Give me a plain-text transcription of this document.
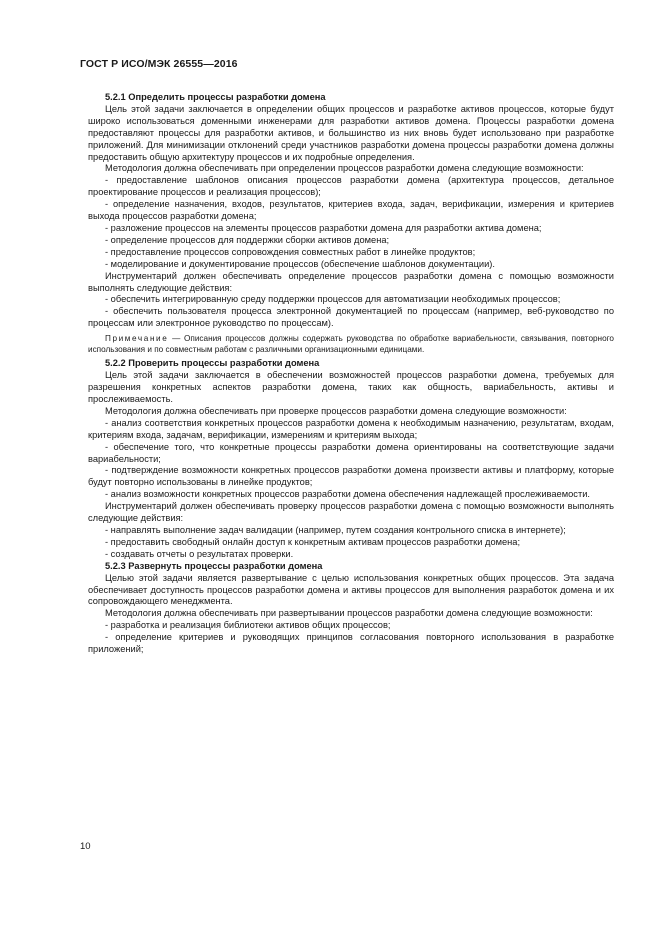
ГОСТ Р ИСО/МЭК 26555—2016

5.2.1 Определить процессы разработки домена

Цель этой задачи заключается в определении общих процессов и разработке активов процессов, которые будут широко использоваться доменными инженерами для разработки активов домена. Процессы разработки домена предоставляют процессы для разработки активов, и большинство из них вновь будет использовано при разработке приложений. Для минимизации отклонений среди участников разработки домена процессы разработки домена должны предоставить общую архитектуру процессов и их подробные определения.

Методология должна обеспечивать при определении процессов разработки домена следующие возможности:

- предоставление шаблонов описания процессов разработки домена (архитектура процессов, детальное проектирование процессов и реализация процессов);

- определение назначения, входов, результатов, критериев входа, задач, верификации, измерения и критериев выхода процессов разработки домена;

- разложение процессов на элементы процессов разработки домена для разработки актива домена;

- определение процессов для поддержки сборки активов домена;

- предоставление процессов сопровождения совместных работ в линейке продуктов;

- моделирование и документирование процессов (обеспечение шаблонов документации).

Инструментарий должен обеспечивать определение процессов разработки домена с помощью возможности выполнять следующие действия:

- обеспечить интегрированную среду поддержки процессов для автоматизации необходимых процессов;

- обеспечить пользователя процесса электронной документацией по процессам (например, веб-руководство по процессам или электронное руководство по процессам).

Примечание — Описания процессов должны содержать руководства по обработке вариабельности, связывания, повторного использования и по совместным работам с различными организационными единицами.

5.2.2 Проверить процессы разработки домена

Цель этой задачи заключается в обеспечении возможностей процессов разработки домена, требуемых для разрешения конкретных аспектов разработки домена, таких как общность, вариабельность, активы и прослеживаемость.

Методология должна обеспечивать при проверке процессов разработки домена следующие возможности:

- анализ соответствия конкретных процессов разработки домена к необходимым назначению, результатам, входам, критериям входа, задачам, верификации, измерениям и критериям выхода;

- обеспечение того, что конкретные процессы разработки домена ориентированы на соответствующие задачи вариабельности;

- подтверждение возможности конкретных процессов разработки домена произвести активы и платформу, которые будут повторно использованы в линейке продуктов;

- анализ возможности конкретных процессов разработки домена обеспечения надлежащей прослеживаемости.

Инструментарий должен обеспечивать проверку процессов разработки домена с помощью возможности выполнять следующие действия:

- направлять выполнение задач валидации (например, путем создания контрольного списка в интернете);

- предоставить свободный онлайн доступ к конкретным активам процессов разработки домена;

- создавать отчеты о результатах проверки.

5.2.3 Развернуть процессы разработки домена

Целью этой задачи является развертывание с целью использования конкретных общих процессов. Эта задача обеспечивает доступность процессов разработки домена и активы процессов для выполнения разработок домена и их сопровождающего менеджмента.

Методология должна обеспечивать при развертывании процессов разработки домена следующие возможности:

- разработка и реализация библиотеки активов общих процессов;

- определение критериев и руководящих принципов согласования повторного использования в разработке приложений;

10
